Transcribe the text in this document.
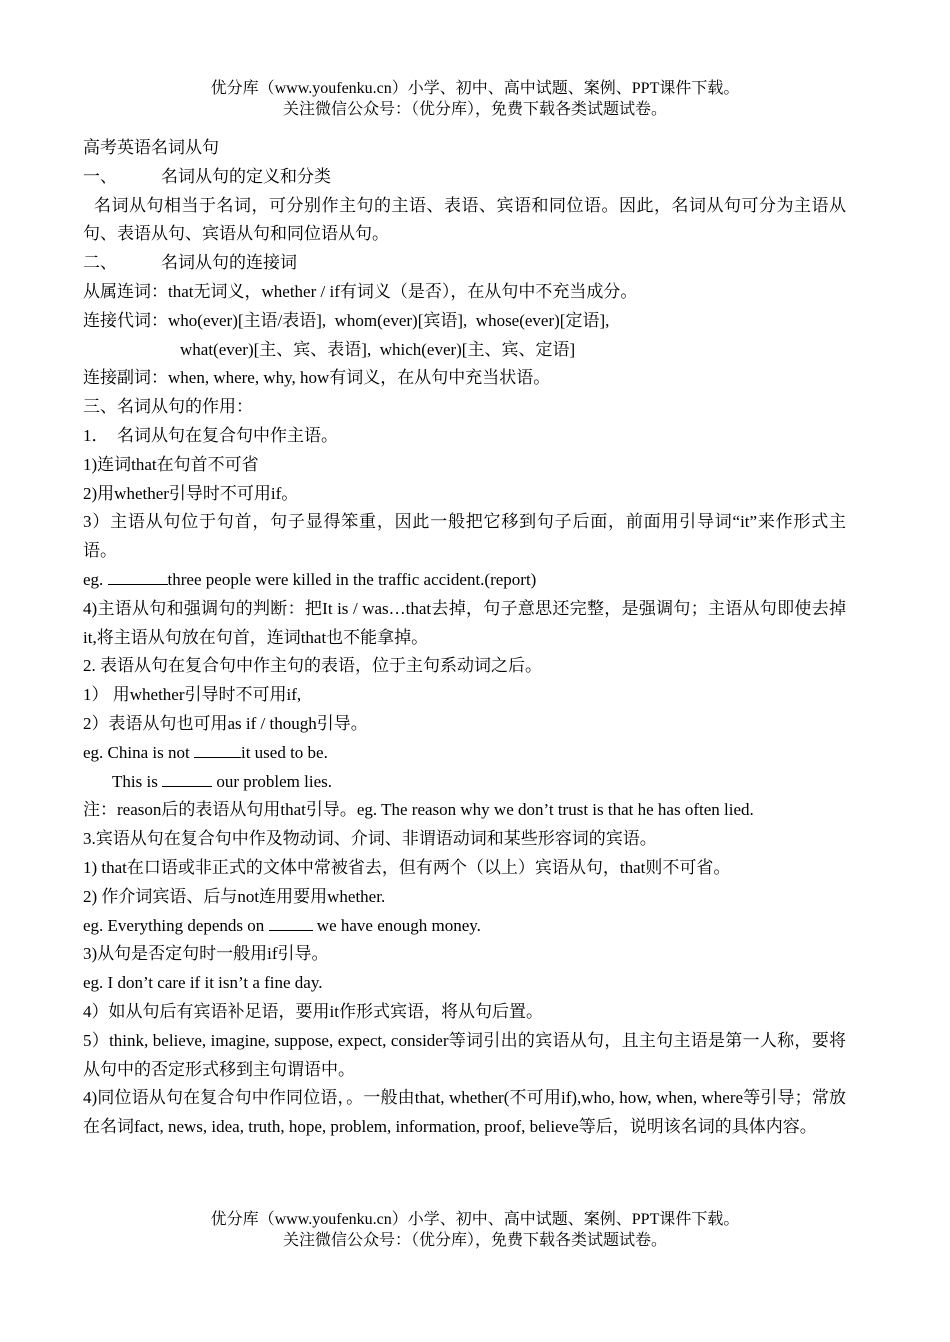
优分库（www.youfenku.cn）小学、初中、高中试题、案例、PPT课件下载。
关注微信公众号：（优分库），免费下载各类试题试卷。
高考英语名词从句
一、	名词从句的定义和分类
名词从句相当于名词，可分别作主句的主语、表语、宾语和同位语。因此，名词从句可分为主语从句、表语从句、宾语从句和同位语从句。
二、	名词从句的连接词
从属连词：that无词义，whether / if有词义（是否），在从句中不充当成分。
连接代词：who(ever)[主语/表语],  whom(ever)[宾语],  whose(ever)[定语],
what(ever)[主、宾、表语],  which(ever)[主、宾、定语]
连接副词：when, where, why, how有词义，在从句中充当状语。
三、名词从句的作用：
1．  名词从句在复合句中作主语。
1)连词that在句首不可省
2)用whether引导时不可用if。
3）主语从句位于句首，句子显得笨重，因此一般把它移到句子后面，前面用引导词“it”来作形式主语。
eg.	three people were killed in the traffic accident.(report)
4)主语从句和强调句的判断：把It is / was…that去掉，句子意思还完整，是强调句；主语从句即使去掉it,将主语从句放在句首，连词that也不能拿掉。
2. 表语从句在复合句中作主句的表语，位于主句系动词之后。
1） 用whether引导时不可用if,
2）表语从句也可用as if / though引导。
eg. China is not	it used to be.
This is	our problem lies.
注：reason后的表语从句用that引导。eg. The reason why we don’t trust is that he has often lied.
3.宾语从句在复合句中作及物动词、介词、非谓语动词和某些形容词的宾语。
1) that在口语或非正式的文体中常被省去，但有两个（以上）宾语从句，that则不可省。
2) 作介词宾语、后与not连用要用whether.
eg. Everything depends on	we have enough money.
3)从句是否定句时一般用if引导。
eg. I don’t care if it isn’t a fine day.
4）如从句后有宾语补足语，要用it作形式宾语，将从句后置。
5）think, believe, imagine, suppose, expect, consider等词引出的宾语从句，且主句主语是第一人称，要将从句中的否定形式移到主句谓语中。
4)同位语从句在复合句中作同位语，。一般由that, whether(不可用if),who, how, when, where等引导；常放在名词fact, news, idea, truth, hope, problem, information, proof, believe等后，说明该名词的具体内容。
优分库（www.youfenku.cn）小学、初中、高中试题、案例、PPT课件下载。
关注微信公众号：（优分库），免费下载各类试题试卷。
